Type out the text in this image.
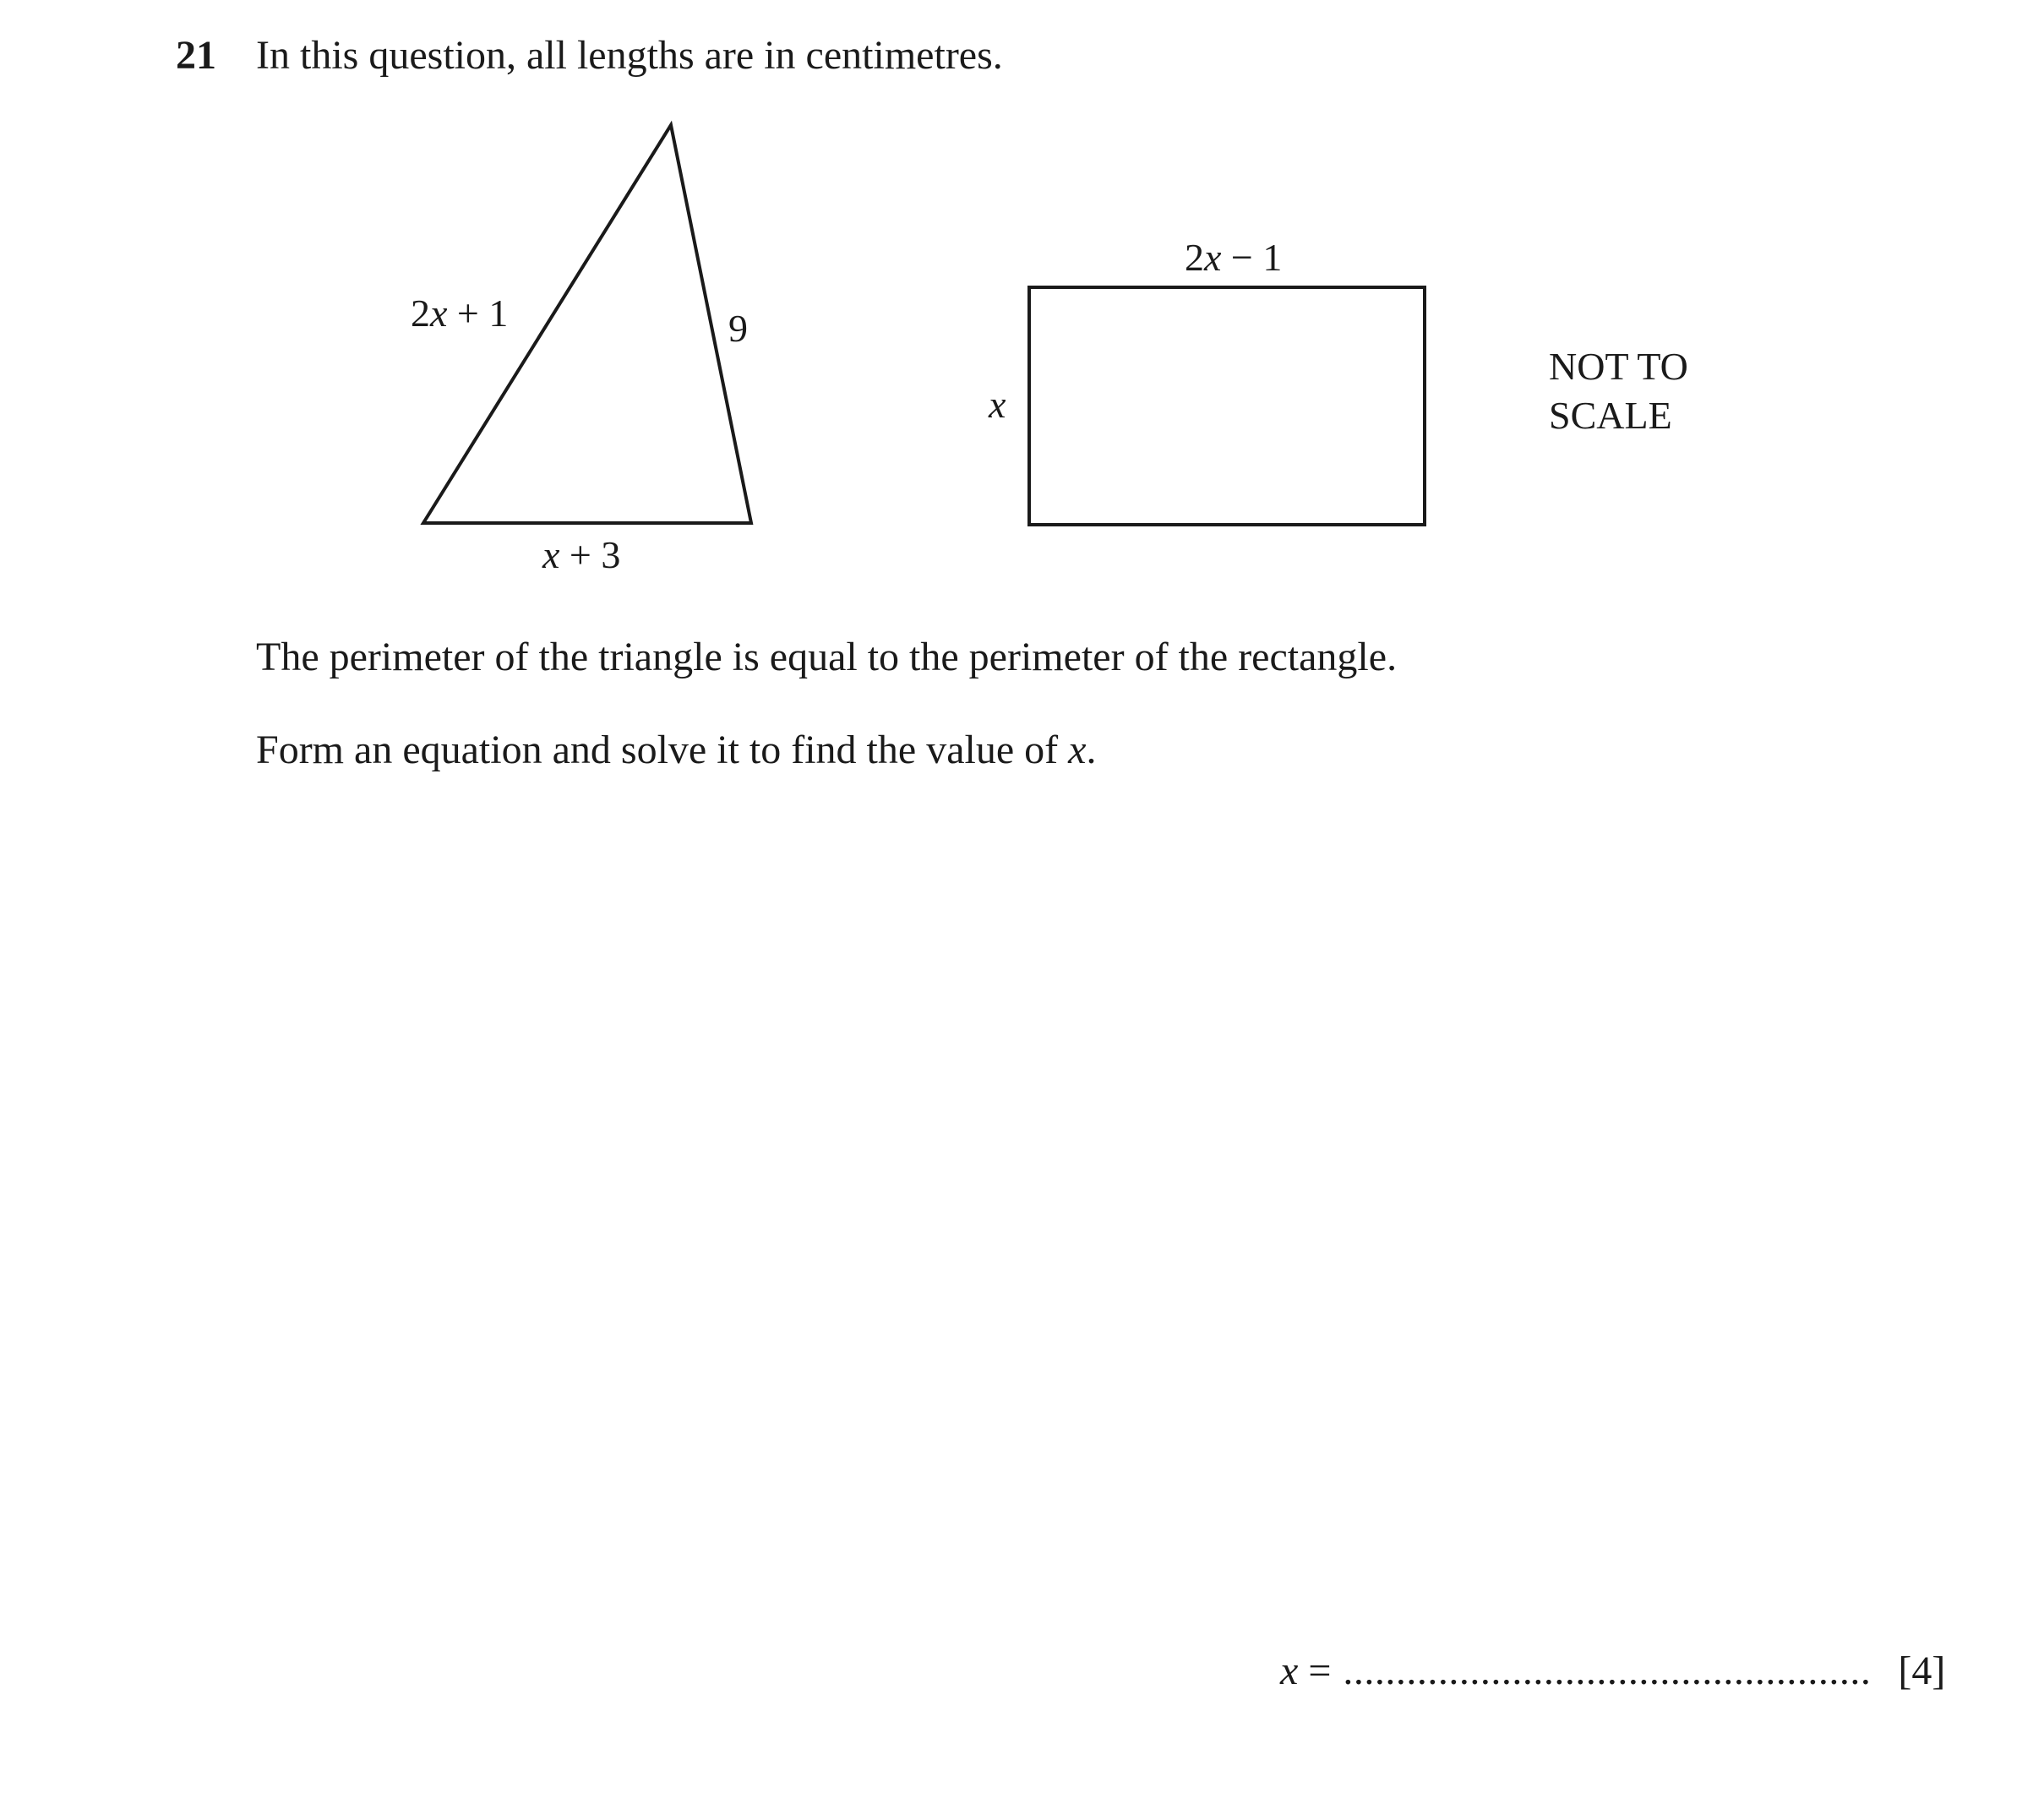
21 In this question, all lengths are in centimetres.
2x + 1	9
x + 3
2x − 1
x
NOT TO
SCALE
The perimeter of the triangle is equal to the perimeter of the rectangle.
Form an equation and solve it to find the value of x.
x = .................................................. [4]
